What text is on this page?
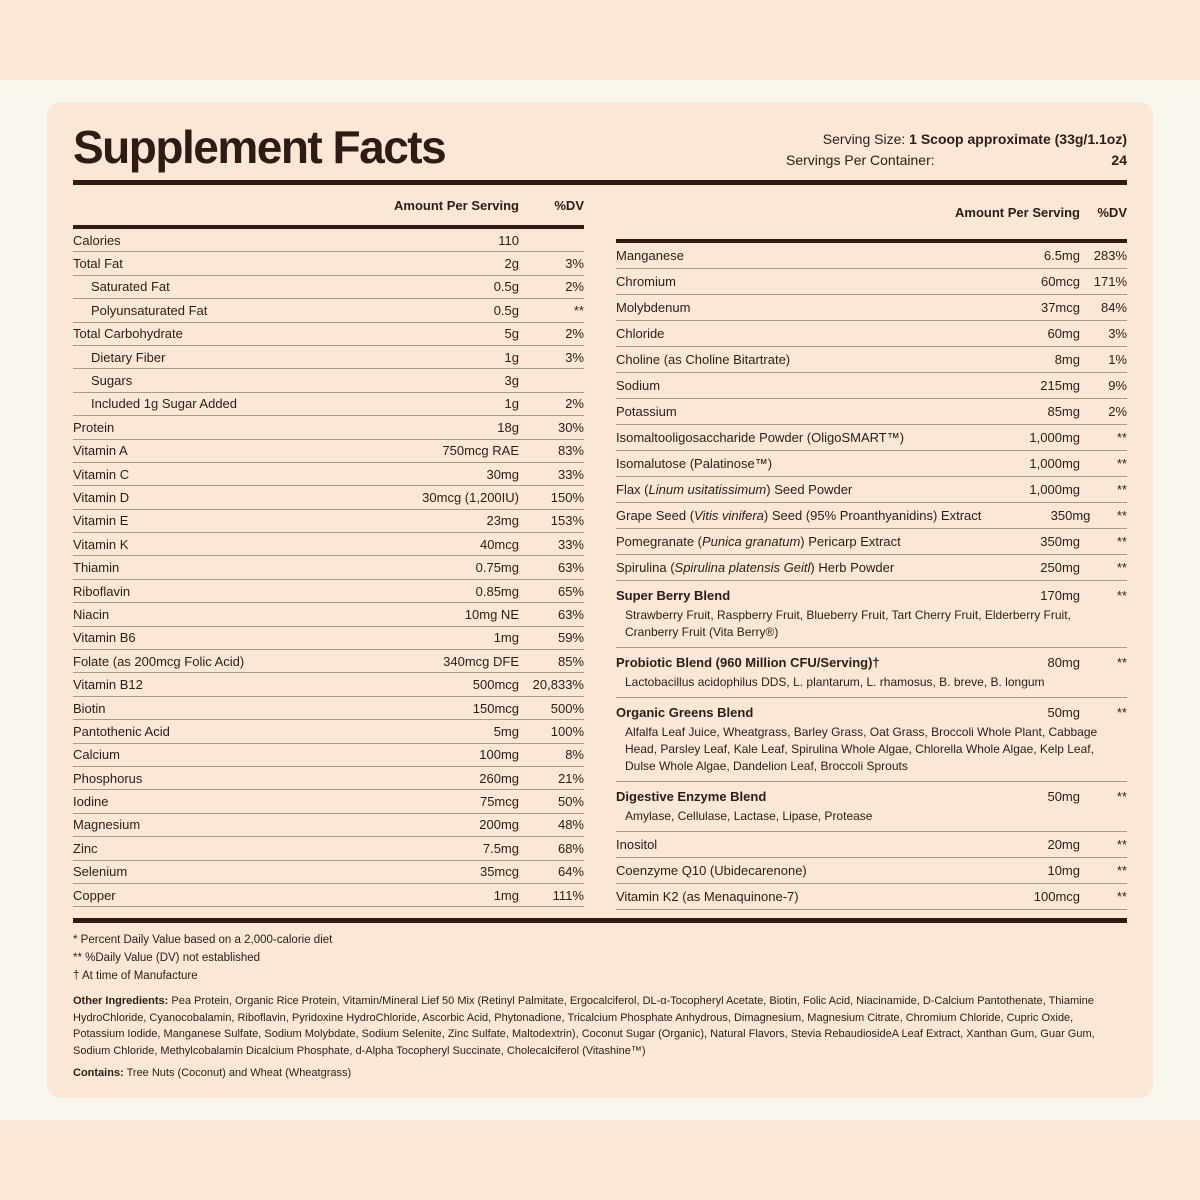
Supplement Facts	Serving Size: 1 Scoop approximate (33g/1.1oz)
Servings Per Container:	24
Amount Per Serving	%DV
Calories	110
Total Fat	2g	3%
Saturated Fat	0.5g	2%
Polyunsaturated Fat	0.5g	**
Total Carbohydrate	5g	2%
Dietary Fiber	1g	3%
Sugars	3g
Included 1g Sugar Added	1g	2%
Protein	18g	30%
Vitamin A	750mcg RAE	83%
Vitamin C	30mg	33%
Vitamin D	30mcg (1,200IU)	150%
Vitamin E	23mg	153%
Vitamin K	40mcg	33%
Thiamin	0.75mg	63%
Riboflavin	0.85mg	65%
Niacin	10mg NE	63%
Vitamin B6	1mg	59%
Folate (as 200mcg Folic Acid)	340mcg DFE	85%
Vitamin B12	500mcg	20,833%
Biotin	150mcg	500%
Pantothenic Acid	5mg	100%
Calcium	100mg	8%
Phosphorus	260mg	21%
Iodine	75mcg	50%
Magnesium	200mg	48%
Zinc	7.5mg	68%
Selenium	35mcg	64%
Copper	1mg	111%
Amount Per Serving	%DV
Manganese	6.5mg	283%
Chromium	60mcg	171%
Molybdenum	37mcg	84%
Chloride	60mg	3%
Choline (as Choline Bitartrate)	8mg	1%
Sodium	215mg	9%
Potassium	85mg	2%
Isomaltooligosaccharide Powder (OligoSMART™)	1,000mg	**
Isomalutose (Palatinose™)	1,000mg	**
Flax (Linum usitatissimum) Seed Powder	1,000mg	**
Grape Seed (Vitis vinifera) Seed (95% Proanthyanidins) Extract	350mg	**
Pomegranate (Punica granatum) Pericarp Extract	350mg	**
Spirulina (Spirulina platensis Geitl) Herb Powder	250mg	**
Super Berry Blend	170mg	**
Strawberry Fruit, Raspberry Fruit, Blueberry Fruit, Tart Cherry Fruit, Elderberry Fruit, Cranberry Fruit (Vita Berry®)
Probiotic Blend (960 Million CFU/Serving)†	80mg	**
Lactobacillus acidophilus DDS, L. plantarum, L. rhamosus, B. breve, B. longum
Organic Greens Blend	50mg	**
Alfalfa Leaf Juice, Wheatgrass, Barley Grass, Oat Grass, Broccoli Whole Plant, Cabbage Head, Parsley Leaf, Kale Leaf, Spirulina Whole Algae, Chlorella Whole Algae, Kelp Leaf, Dulse Whole Algae, Dandelion Leaf, Broccoli Sprouts
Digestive Enzyme Blend	50mg	**
Amylase, Cellulase, Lactase, Lipase, Protease
Inositol	20mg	**
Coenzyme Q10 (Ubidecarenone)	10mg	**
Vitamin K2 (as Menaquinone-7)	100mcg	**
* Percent Daily Value based on a 2,000-calorie diet
** %Daily Value (DV) not established
† At time of Manufacture
Other Ingredients: Pea Protein, Organic Rice Protein, Vitamin/Mineral Lief 50 Mix (Retinyl Palmitate, Ergocalciferol, DL-α-Tocopheryl Acetate, Biotin, Folic Acid, Niacinamide, D-Calcium Pantothenate, Thiamine HydroChloride, Cyanocobalamin, Riboflavin, Pyridoxine HydroChloride, Ascorbic Acid, Phytonadione, Tricalcium Phosphate Anhydrous, Dimagnesium, Magnesium Citrate, Chromium Chloride, Cupric Oxide, Potassium Iodide, Manganese Sulfate, Sodium Molybdate, Sodium Selenite, Zinc Sulfate, Maltodextrin), Coconut Sugar (Organic), Natural Flavors, Stevia RebaudiosideA Leaf Extract, Xanthan Gum, Guar Gum, Sodium Chloride, Methylcobalamin Dicalcium Phosphate, d-Alpha Tocopheryl Succinate, Cholecalciferol (Vitashine™)
Contains: Tree Nuts (Coconut) and Wheat (Wheatgrass)
